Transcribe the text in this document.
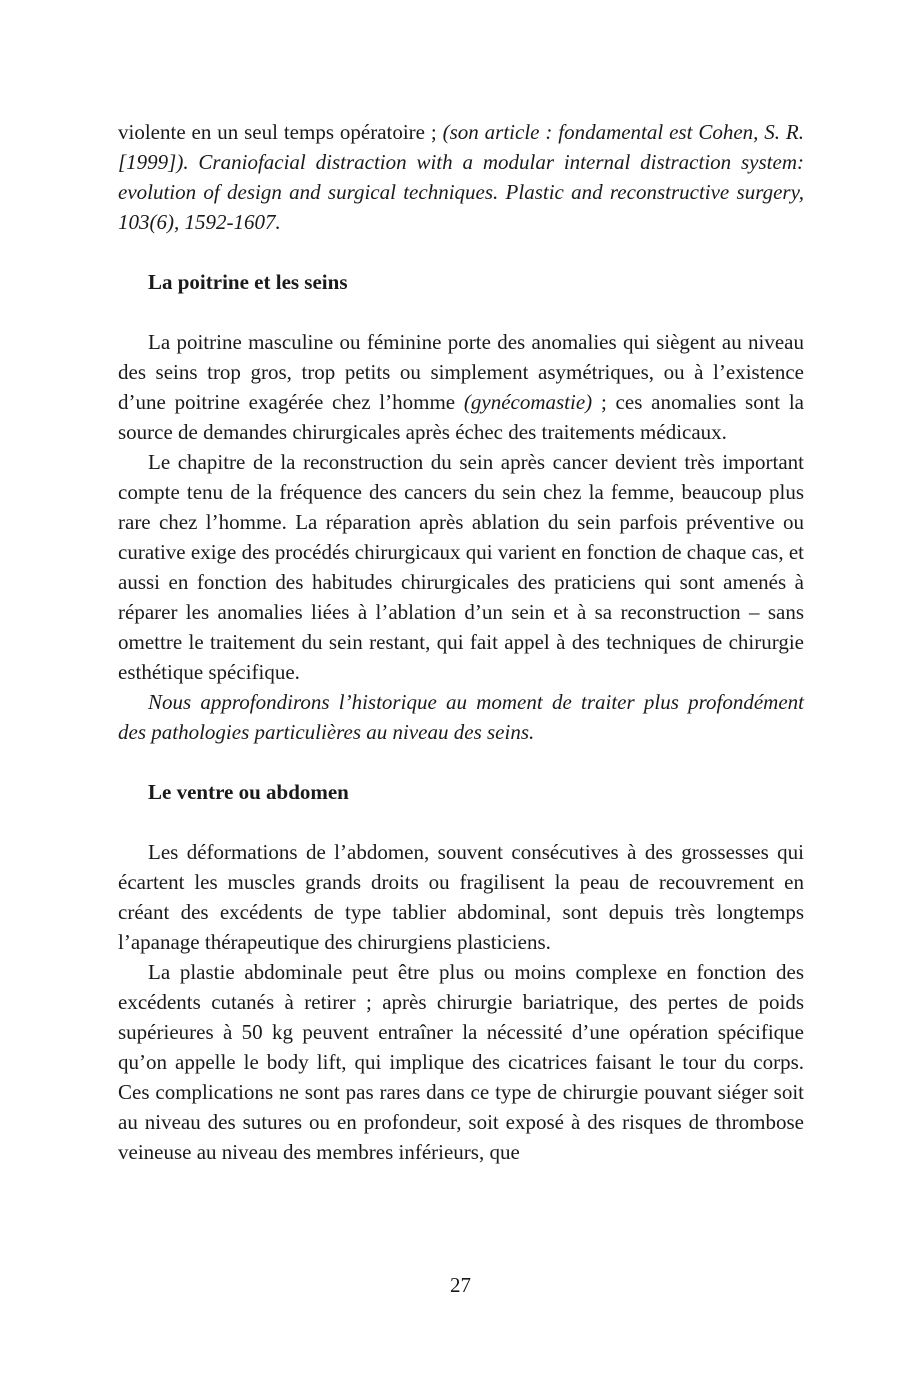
violente en un seul temps opératoire ; (son article : fondamental est Cohen, S. R. [1999]). Craniofacial distraction with a modular internal distraction system: evolution of design and surgical techniques. Plastic and reconstructive surgery, 103(6), 1592-1607.

La poitrine et les seins

La poitrine masculine ou féminine porte des anomalies qui siègent au niveau des seins trop gros, trop petits ou simplement asymétriques, ou à l’existence d’une poitrine exagérée chez l’homme (gynécomastie) ; ces anomalies sont la source de demandes chirurgicales après échec des traitements médicaux.

Le chapitre de la reconstruction du sein après cancer devient très important compte tenu de la fréquence des cancers du sein chez la femme, beaucoup plus rare chez l’homme. La réparation après ablation du sein parfois préventive ou curative exige des procédés chirurgicaux qui varient en fonction de chaque cas, et aussi en fonction des habitudes chirurgicales des praticiens qui sont amenés à réparer les anomalies liées à l’ablation d’un sein et à sa reconstruction – sans omettre le traitement du sein restant, qui fait appel à des techniques de chirurgie esthétique spécifique.

Nous approfondirons l’historique au moment de traiter plus profondément des pathologies particulières au niveau des seins.

Le ventre ou abdomen

Les déformations de l’abdomen, souvent consécutives à des grossesses qui écartent les muscles grands droits ou fragilisent la peau de recouvrement en créant des excédents de type tablier abdominal, sont depuis très longtemps l’apanage thérapeutique des chirurgiens plasticiens.

La plastie abdominale peut être plus ou moins complexe en fonction des excédents cutanés à retirer ; après chirurgie bariatrique, des pertes de poids supérieures à 50 kg peuvent entraîner la nécessité d’une opération spécifique qu’on appelle le body lift, qui implique des cicatrices faisant le tour du corps. Ces complications ne sont pas rares dans ce type de chirurgie pouvant siéger soit au niveau des sutures ou en profondeur, soit exposé à des risques de thrombose veineuse au niveau des membres inférieurs, que

27
